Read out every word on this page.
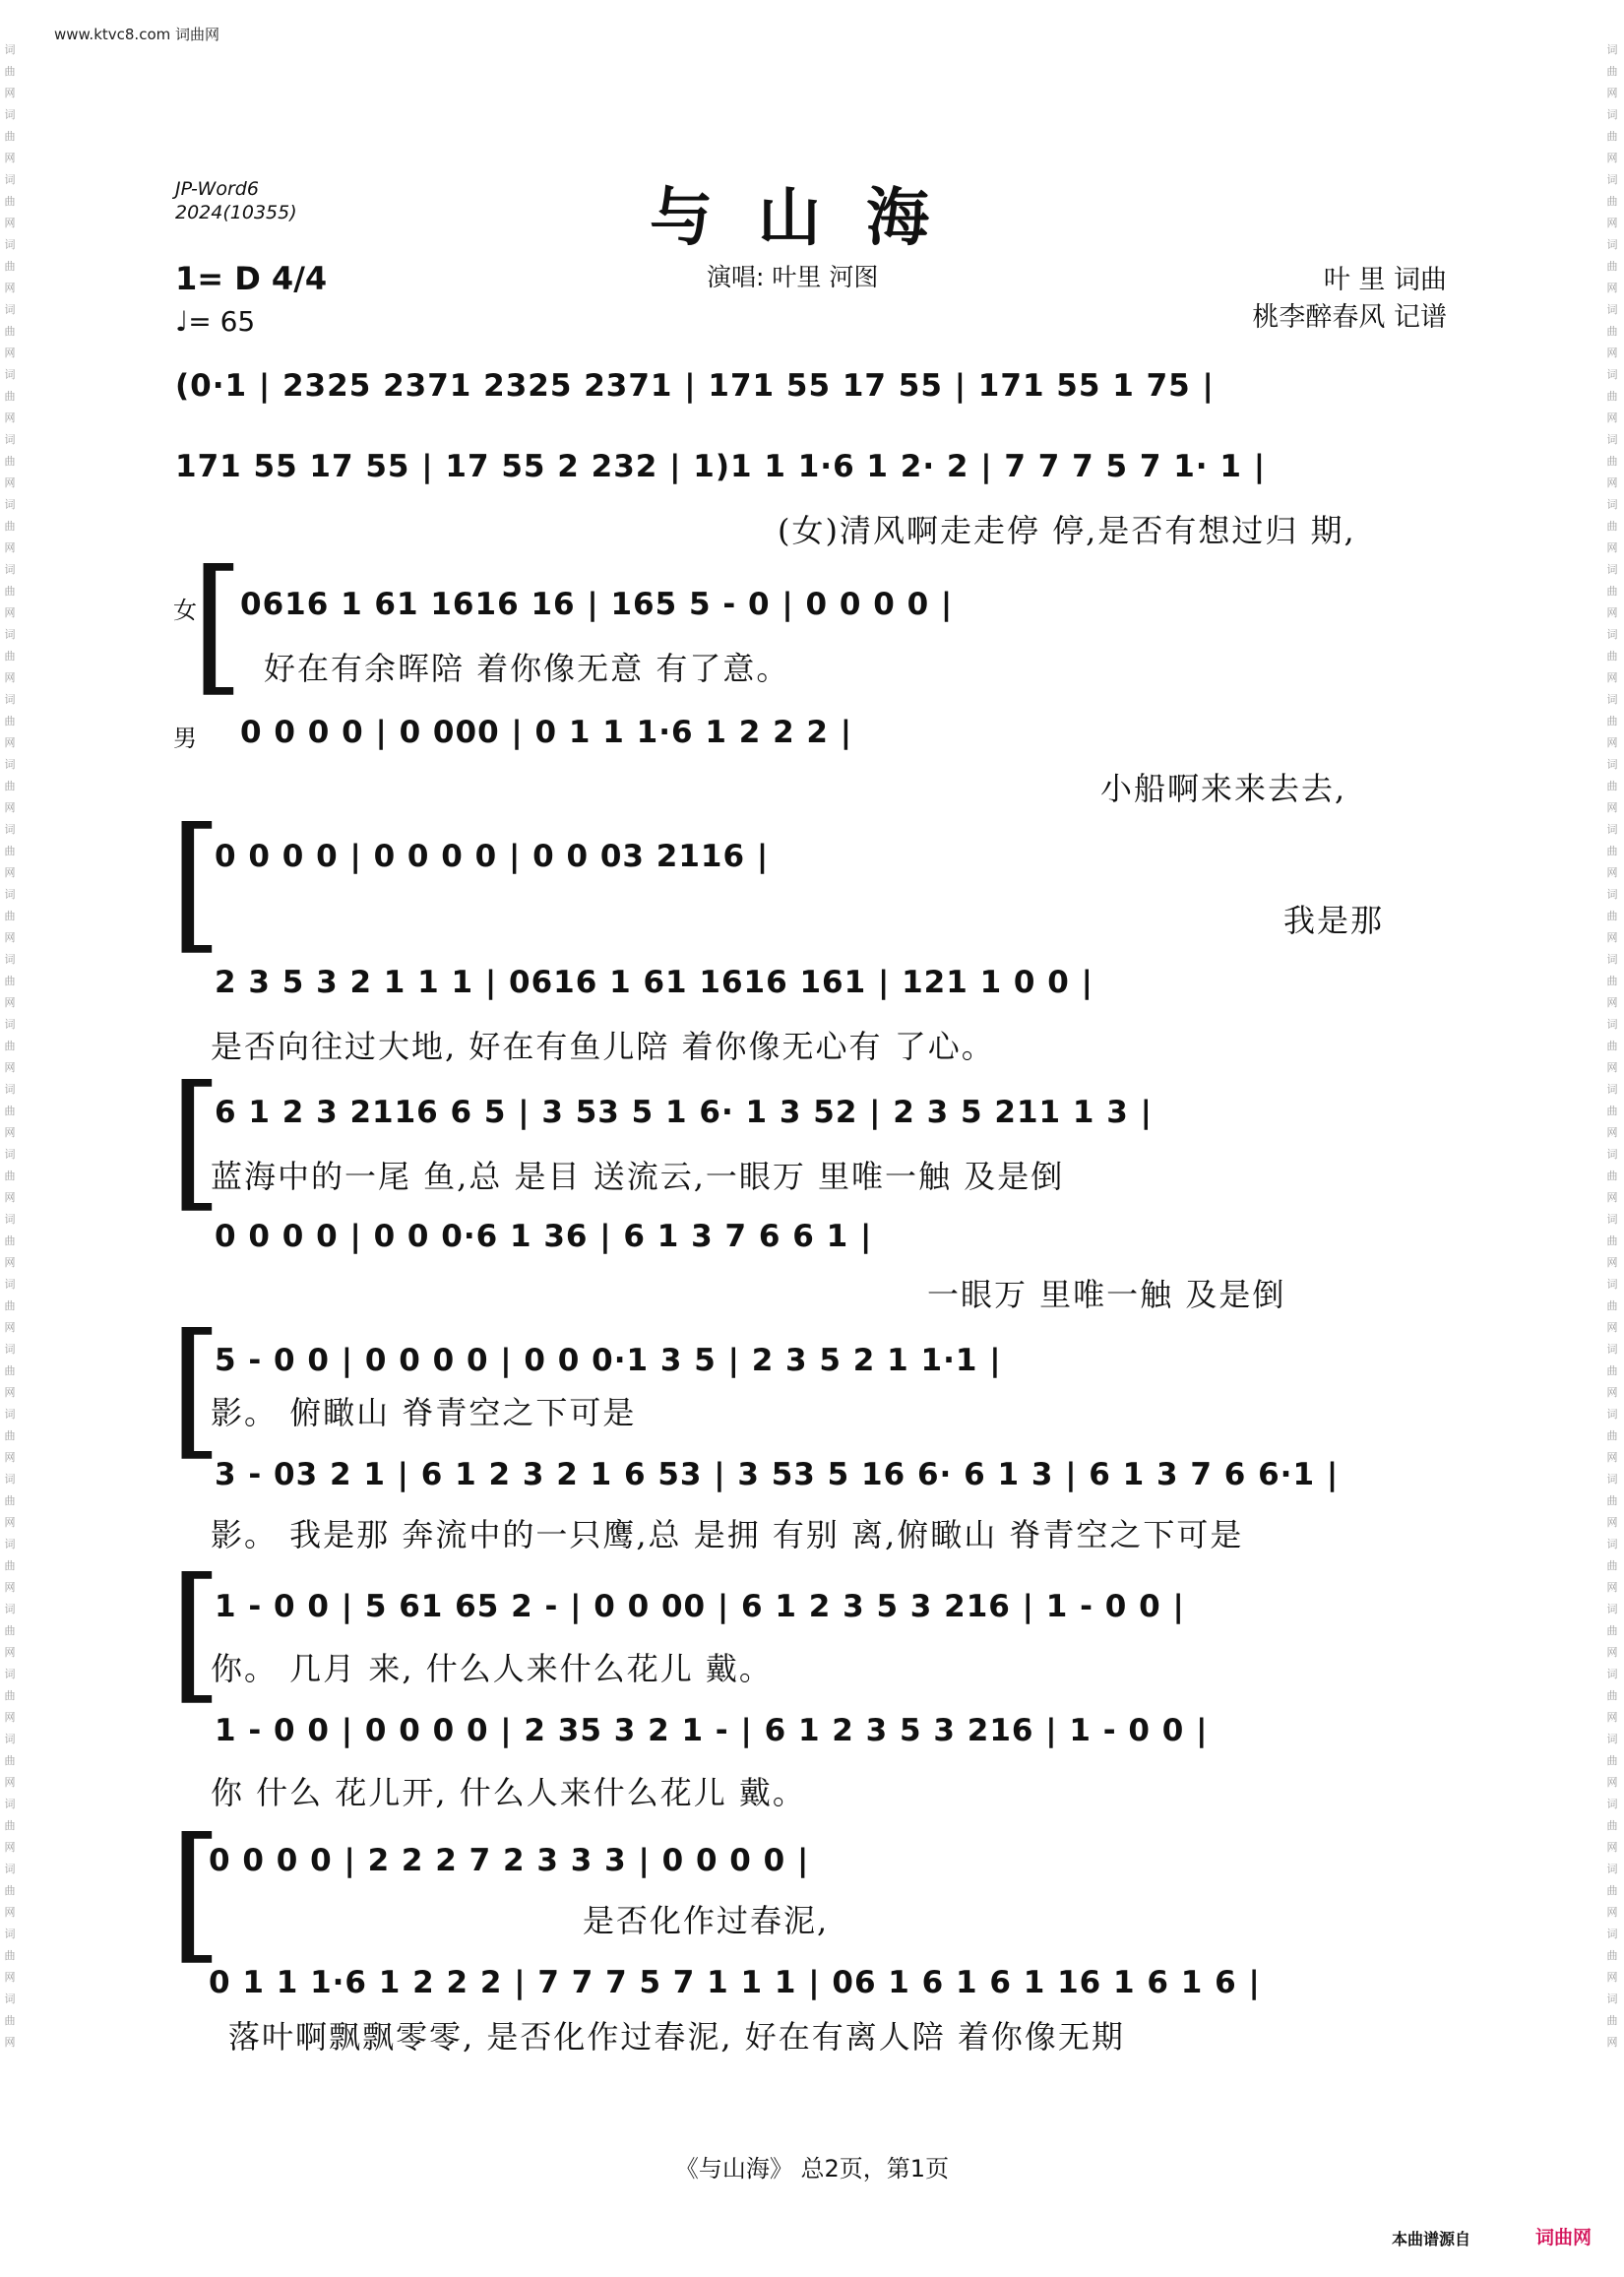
www.ktvc8.com 词曲网
词曲网词曲网词曲网词曲网词曲网词曲网词曲网词曲网词曲网词曲网词曲网词曲网词曲网词曲网词曲网词曲网词曲网词曲网词曲网词曲网词曲网词曲网词曲网词曲网词曲网词曲网词曲网词曲网词曲网词曲网词曲网
词曲网词曲网词曲网词曲网词曲网词曲网词曲网词曲网词曲网词曲网词曲网词曲网词曲网词曲网词曲网词曲网词曲网词曲网词曲网词曲网词曲网词曲网词曲网词曲网词曲网词曲网词曲网词曲网词曲网词曲网词曲网
JP-Word6
2024(10355)	与山海
1= D 4/4
♩= 65
演唱: 叶里 河图	叶 里 词曲
桃李醉春风 记谱
(0·1 | 2325 2371 2325 2371 | 171 55 17 55 | 171 55 1 75 |
171 55 17 55 | 17 55 2 232 | 1)1 1 1·6 1 2· 2 | 7 7 7 5 7 1· 1 |
(女)清风啊走走停 停,是否有想过归 期,
[
女 0616 1 61 1616 16 | 165 5 - 0 | 0 0 0 0 |
好在有余晖陪 着你像无意 有了意。
男 0 0 0 0 | 0 000 | 0 1 1 1·6 1 2 2 2 |
小船啊来来去去,
[
0 0 0 0 | 0 0 0 0 | 0 0 03 2116 |
我是那
2 3 5 3 2 1 1 1 | 0616 1 61 1616 161 | 121 1 0 0 |
是否向往过大地, 好在有鱼儿陪 着你像无心有 了心。
[
6 1 2 3 2116 6 5 | 3 53 5 1 6· 1 3 52 | 2 3 5 211 1 3 |
蓝海中的一尾 鱼,总 是目 送流云,一眼万 里唯一触 及是倒
0 0 0 0 | 0 0 0·6 1 36 | 6 1 3 7 6 6 1 |
一眼万 里唯一触 及是倒
[
5 - 0 0 | 0 0 0 0 | 0 0 0·1 3 5 | 2 3 5 2 1 1·1 |
影。 俯瞰山 脊青空之下可是
3 - 03 2 1 | 6 1 2 3 2 1 6 53 | 3 53 5 16 6· 6 1 3 | 6 1 3 7 6 6·1 |
影。 我是那 奔流中的一只鹰,总 是拥 有别 离,俯瞰山 脊青空之下可是
[
1 - 0 0 | 5 61 65 2 - | 0 0 00 | 6 1 2 3 5 3 216 | 1 - 0 0 |
你。 几月 来, 什么人来什么花儿 戴。
1 - 0 0 | 0 0 0 0 | 2 35 3 2 1 - | 6 1 2 3 5 3 216 | 1 - 0 0 |
你 什么 花儿开, 什么人来什么花儿 戴。
[
0 0 0 0 | 2 2 2 7 2 3 3 3 | 0 0 0 0 |
是否化作过春泥,
0 1 1 1·6 1 2 2 2 | 7 7 7 5 7 1 1 1 | 06 1 6 1 6 1 16 1 6 1 6 |
落叶啊飘飘零零, 是否化作过春泥, 好在有离人陪 着你像无期
《与山海》 总2页，第1页
本曲谱源自	词曲网
